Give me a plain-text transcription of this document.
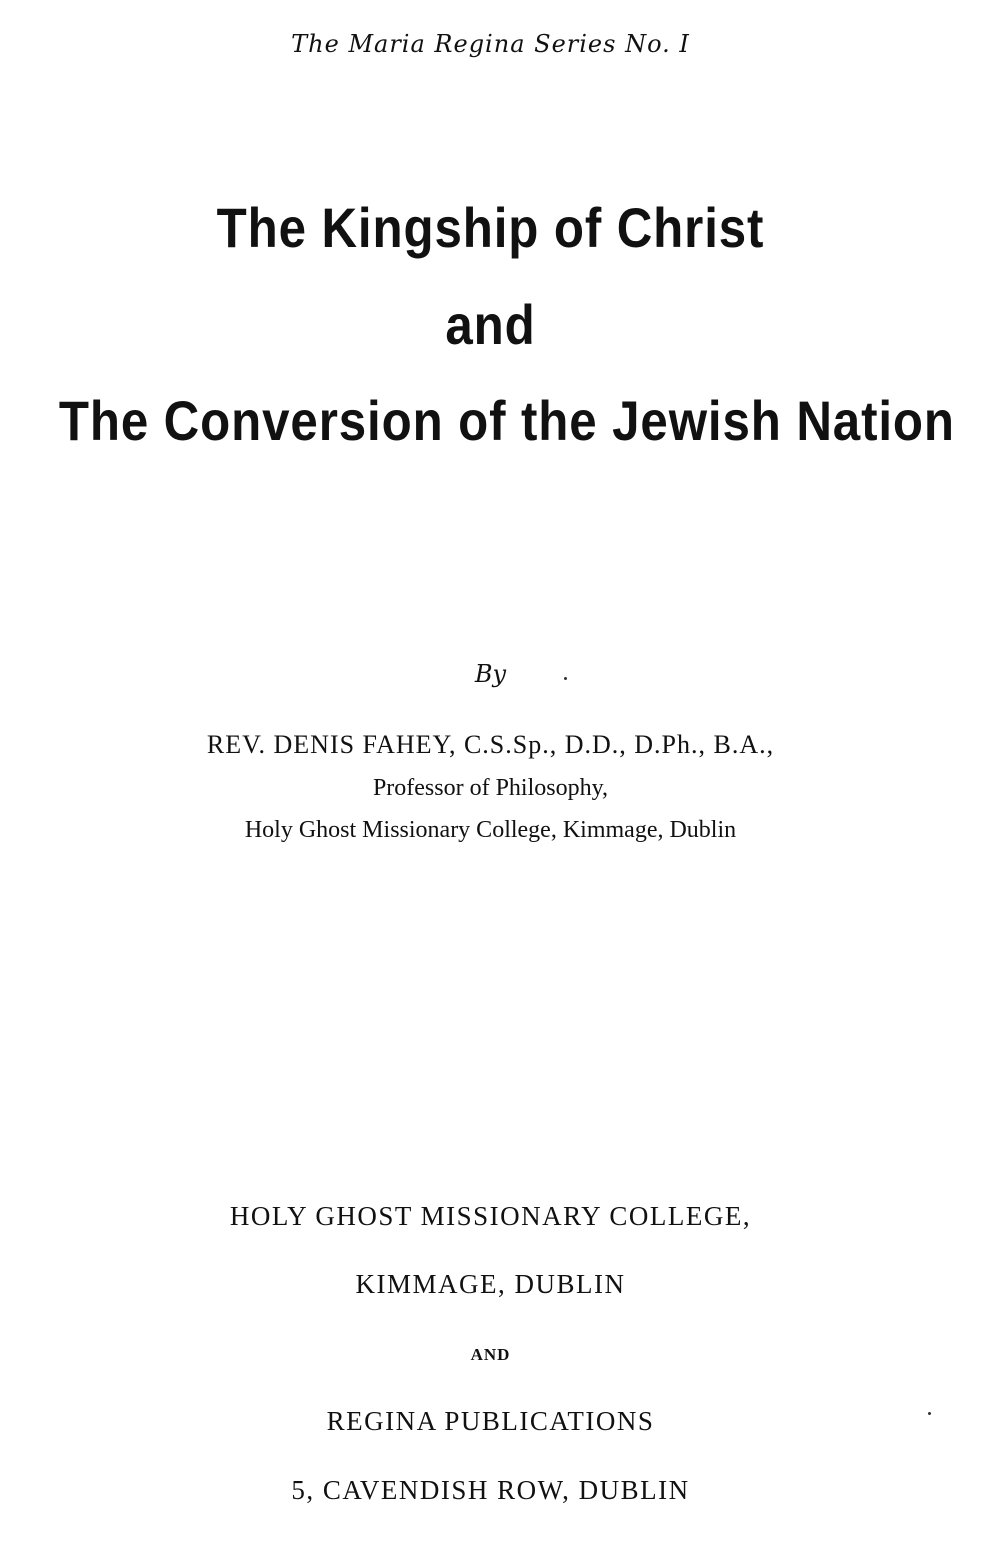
The Maria Regina Series No. I
The Kingship of Christ
and
The Conversion of the Jewish Nation
By
REV. DENIS FAHEY, C.S.Sp., D.D., D.Ph., B.A.,
Professor of Philosophy,
Holy Ghost Missionary College, Kimmage, Dublin
HOLY GHOST MISSIONARY COLLEGE,
KIMMAGE, DUBLIN
AND
REGINA PUBLICATIONS
5, CAVENDISH ROW, DUBLIN
